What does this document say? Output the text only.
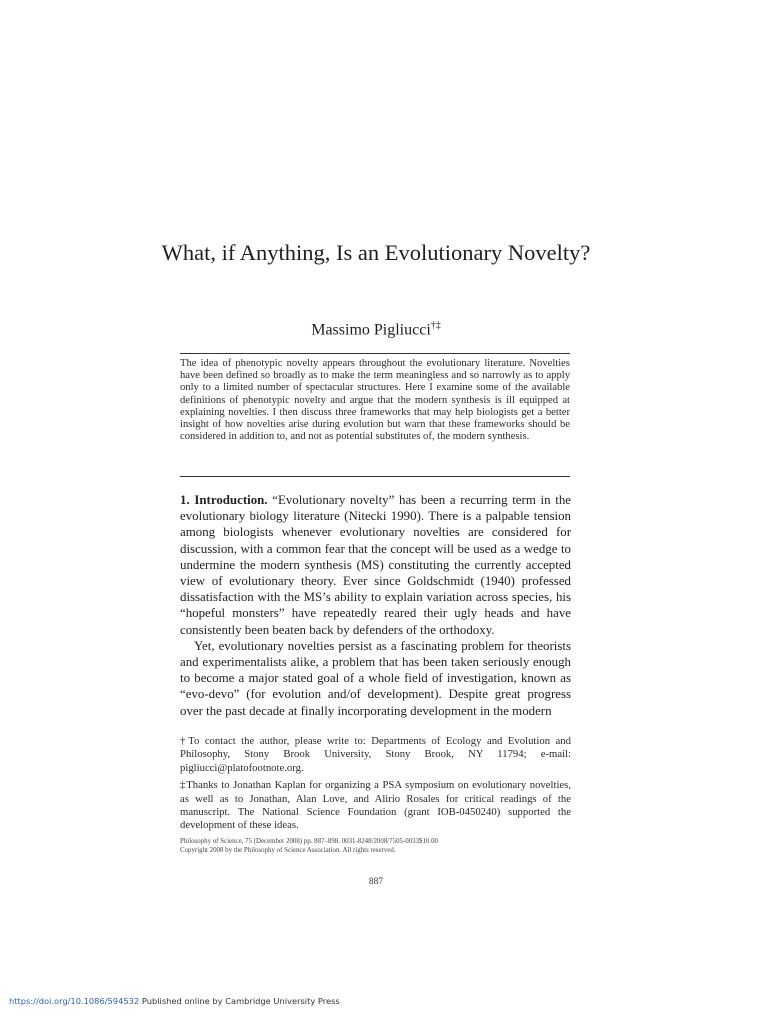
What, if Anything, Is an Evolutionary Novelty?
Massimo Pigliucci†‡
The idea of phenotypic novelty appears throughout the evolutionary literature. Novelties have been defined so broadly as to make the term meaningless and so narrowly as to apply only to a limited number of spectacular structures. Here I examine some of the available definitions of phenotypic novelty and argue that the modern synthesis is ill equipped at explaining novelties. I then discuss three frameworks that may help biologists get a better insight of how novelties arise during evolution but warn that these frameworks should be considered in addition to, and not as potential substitutes of, the modern synthesis.

1. Introduction. “Evolutionary novelty” has been a recurring term in the evolutionary biology literature (Nitecki 1990). There is a palpable tension among biologists whenever evolutionary novelties are considered for discussion, with a common fear that the concept will be used as a wedge to undermine the modern synthesis (MS) constituting the currently accepted view of evolutionary theory. Ever since Goldschmidt (1940) professed dissatisfaction with the MS’s ability to explain variation across species, his “hopeful monsters” have repeatedly reared their ugly heads and have consistently been beaten back by defenders of the orthodoxy.

Yet, evolutionary novelties persist as a fascinating problem for theorists and experimentalists alike, a problem that has been taken seriously enough to become a major stated goal of a whole field of investigation, known as “evo-devo” (for evolution and/of development). Despite great progress over the past decade at finally incorporating development in the modern

†To contact the author, please write to: Departments of Ecology and Evolution and Philosophy, Stony Brook University, Stony Brook, NY 11794; e-mail: pigliucci@platofootnote.org.

‡Thanks to Jonathan Kaplan for organizing a PSA symposium on evolutionary novelties, as well as to Jonathan, Alan Love, and Alirio Rosales for critical readings of the manuscript. The National Science Foundation (grant IOB-0450240) supported the development of these ideas.

Philosophy of Science, 75 (December 2008) pp. 887–898. 0031-8248/2008/7505-0033$10.00
Copyright 2008 by the Philosophy of Science Association. All rights reserved.
887
https://doi.org/10.1086/594532 Published online by Cambridge University Press
